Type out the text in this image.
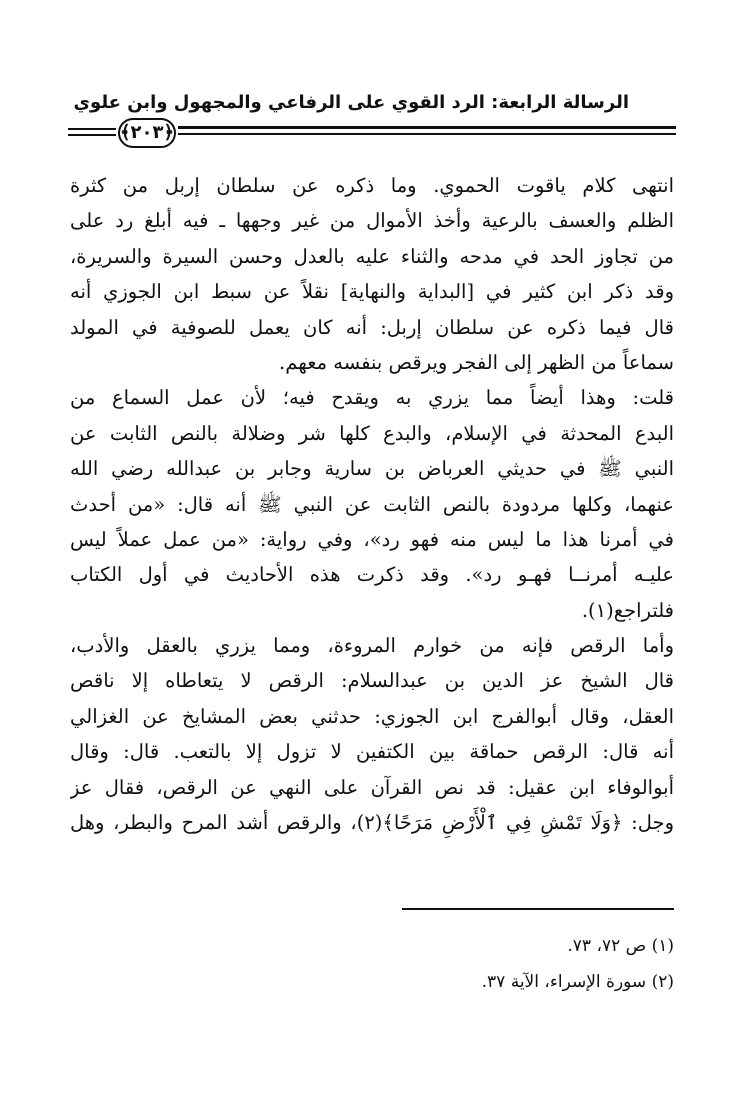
الرسالة الرابعة: الرد القوي على الرفاعي والمجهول وابن علوي
﴿٢٠٣﴾
انتهى كلام ياقوت الحموي. وما ذكره عن سلطان إربل من كثرة
الظلم والعسف بالرعية وأخذ الأموال من غير وجهها ـ فيه أبلغ رد على
من تجاوز الحد في مدحه والثناء عليه بالعدل وحسن السيرة والسريرة،
وقد ذكر ابن كثير في [البداية والنهاية] نقلاً عن سبط ابن الجوزي أنه
قال فيما ذكره عن سلطان إربل: أنه كان يعمل للصوفية في المولد
سماعاً من الظهر إلى الفجر ويرقص بنفسه معهم.
قلت: وهذا أيضاً مما يزري به ويقدح فيه؛ لأن عمل السماع من
البدع المحدثة في الإسلام، والبدع كلها شر وضلالة بالنص الثابت عن
النبي ﷺ في حديثي العرباض بن سارية وجابر بن عبدالله رضي الله
عنهما، وكلها مردودة بالنص الثابت عن النبي ﷺ أنه قال: «من أحدث
في أمرنا هذا ما ليس منه فهو رد»، وفي رواية: «من عمل عملاً ليس
عليـه أمرنــا فهـو رد». وقد ذكرت هذه الأحاديث في أول الكتاب
فلتراجع(١).
وأما الرقص فإنه من خوارم المروءة، ومما يزري بالعقل والأدب،
قال الشيخ عز الدين بن عبدالسلام: الرقص لا يتعاطاه إلا ناقص
العقل، وقال أبوالفرج ابن الجوزي: حدثني بعض المشايخ عن الغزالي
أنه قال: الرقص حماقة بين الكتفين لا تزول إلا بالتعب. قال: وقال
أبوالوفاء ابن عقيل: قد نص القرآن على النهي عن الرقص، فقال عز
وجل: ﴿وَلَا تَمْشِ فِي ٱلْأَرْضِ مَرَحًا﴾(٢)، والرقص أشد المرح والبطر، وهل
(١) ص ٧٢، ٧٣.
(٢) سورة الإسراء، الآية ٣٧.
